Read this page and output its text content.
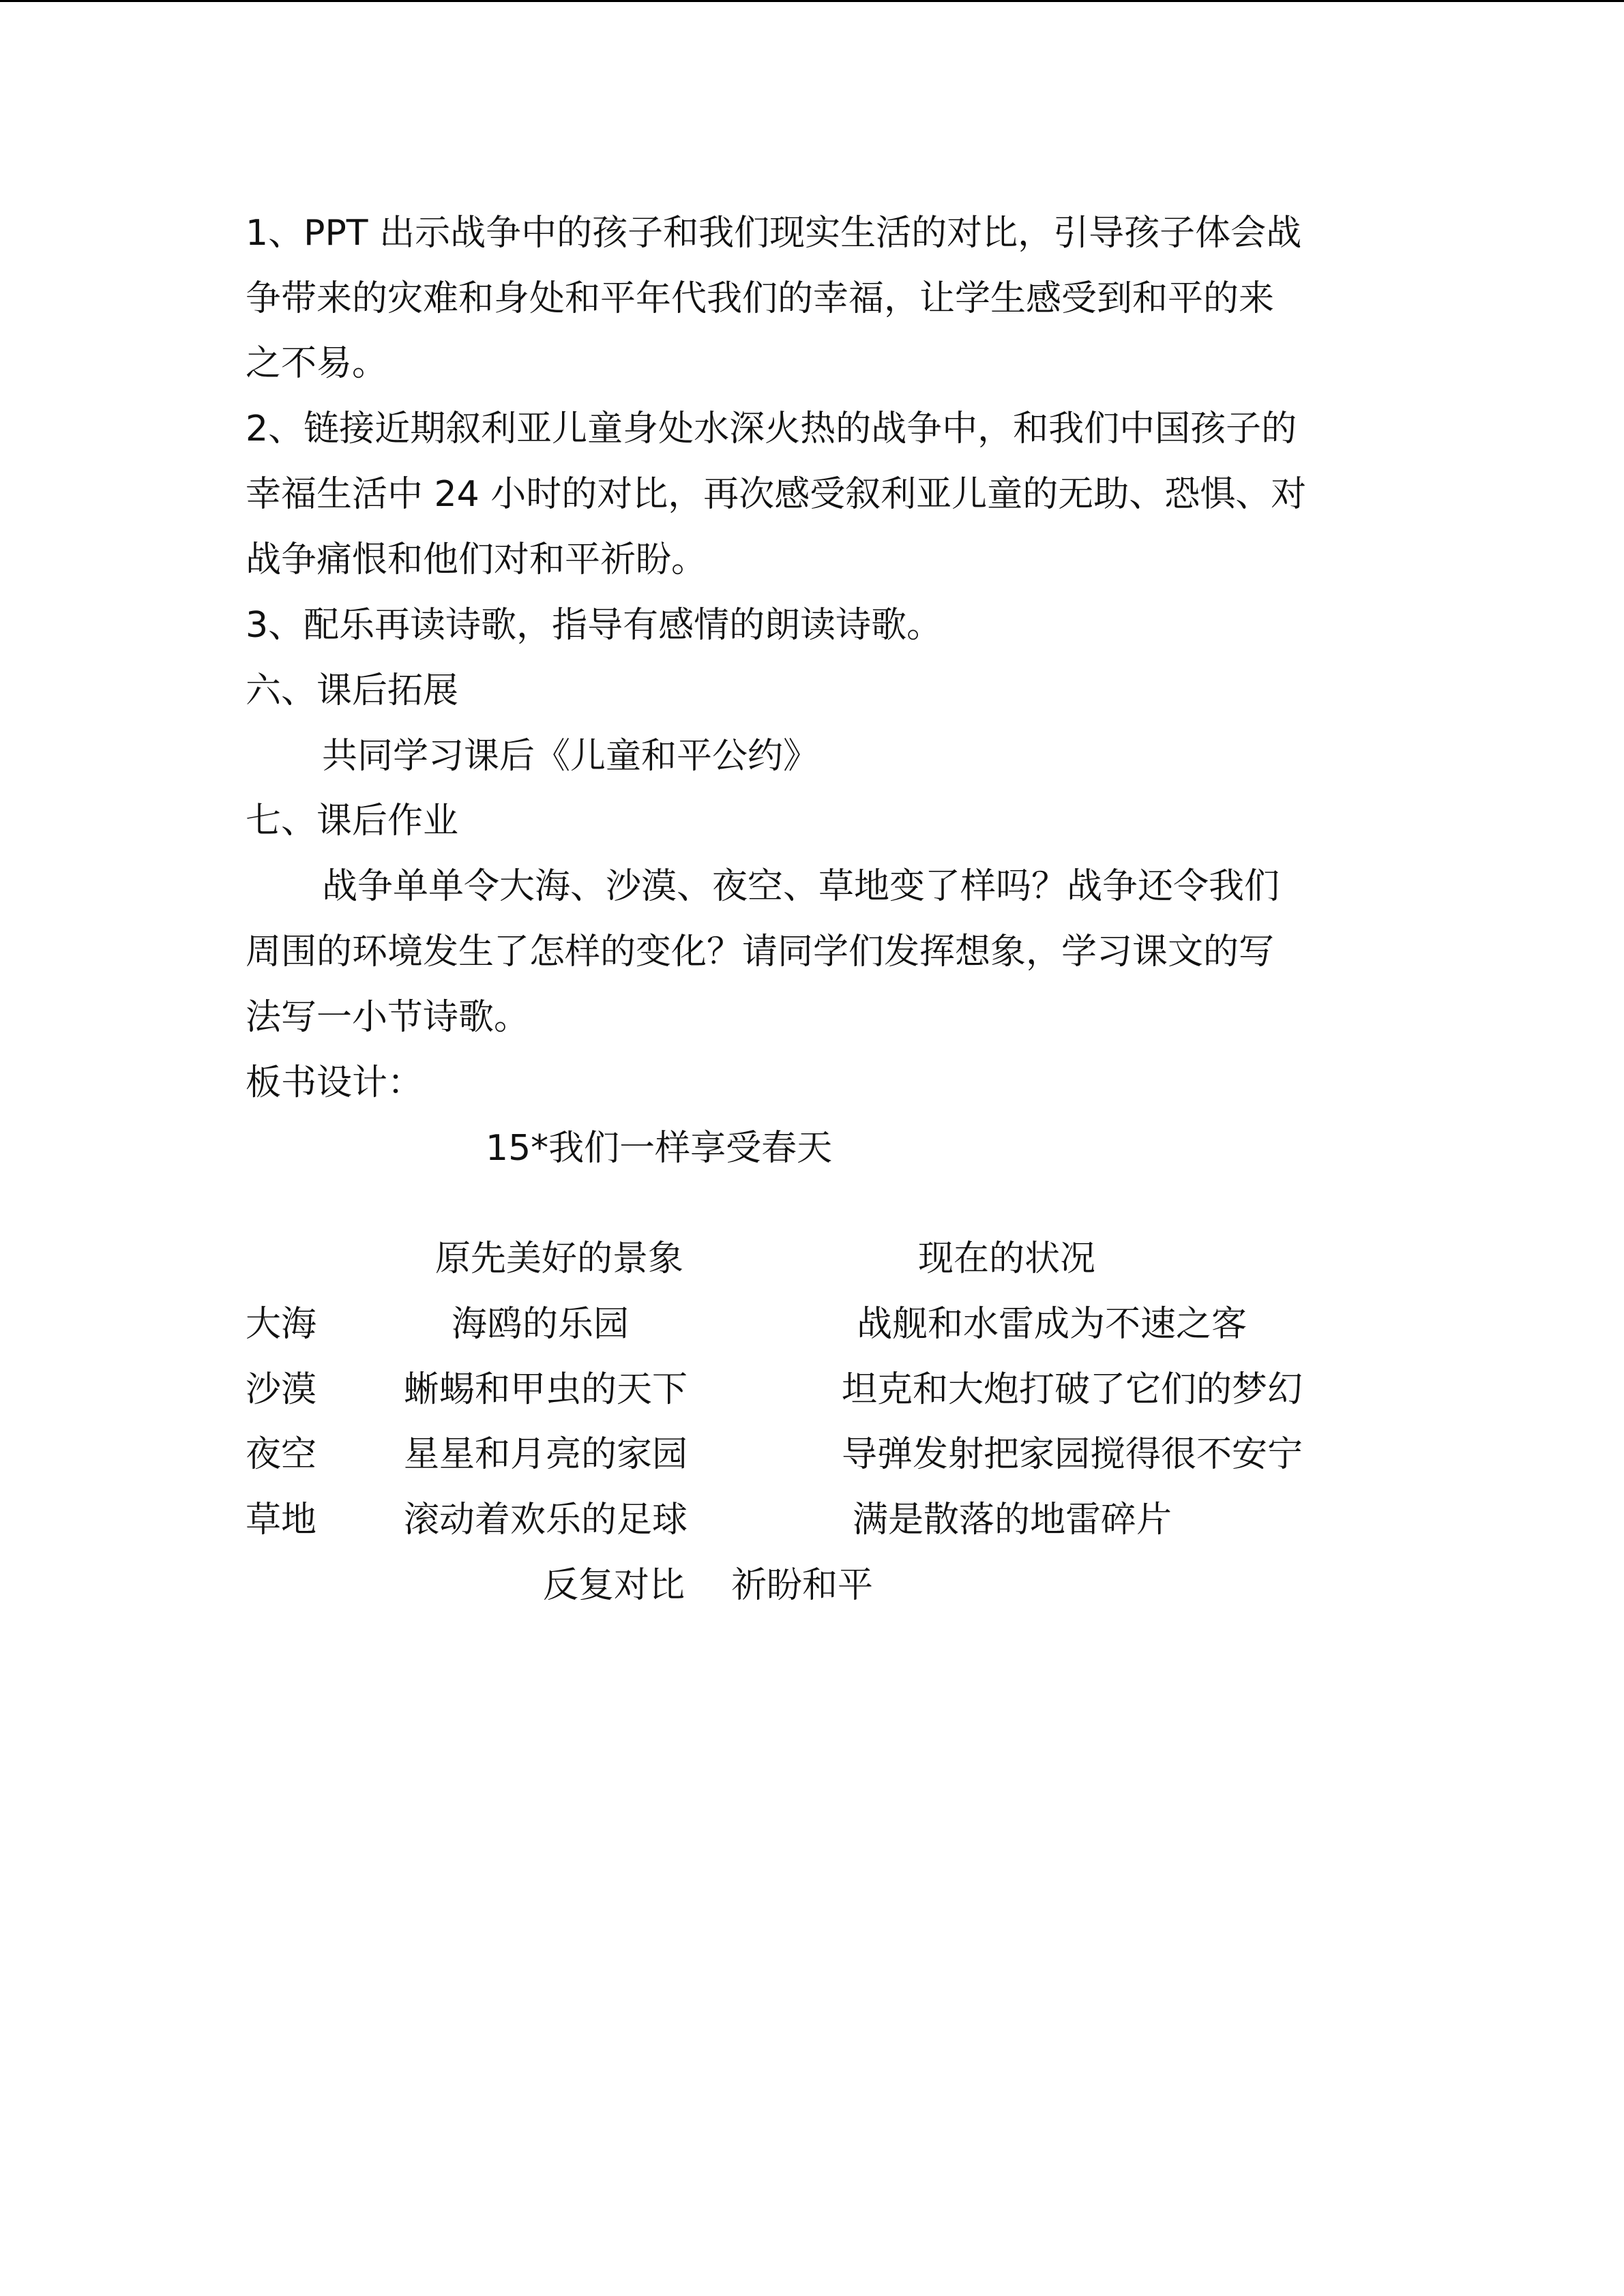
1、PPT 出示战争中的孩子和我们现实生活的对比，引导孩子体会战
争带来的灾难和身处和平年代我们的幸福，让学生感受到和平的来
之不易。
2、链接近期叙利亚儿童身处水深火热的战争中，和我们中国孩子的
幸福生活中 24 小时的对比，再次感受叙利亚儿童的无助、恐惧、对
战争痛恨和他们对和平祈盼。
3、配乐再读诗歌，指导有感情的朗读诗歌。
六、课后拓展
共同学习课后《儿童和平公约》
七、课后作业
战争单单令大海、沙漠、夜空、草地变了样吗？战争还令我们
周围的环境发生了怎样的变化？请同学们发挥想象，学习课文的写
法写一小节诗歌。
板书设计：
15*我们一样享受春天
原先美好的景象	现在的状况
大海	海鸥的乐园	战舰和水雷成为不速之客
沙漠 蜥蜴和甲虫的天下	坦克和大炮打破了它们的梦幻
夜空 星星和月亮的家园	导弹发射把家园搅得很不安宁
草地 滚动着欢乐的足球	满是散落的地雷碎片
反复对比 祈盼和平
